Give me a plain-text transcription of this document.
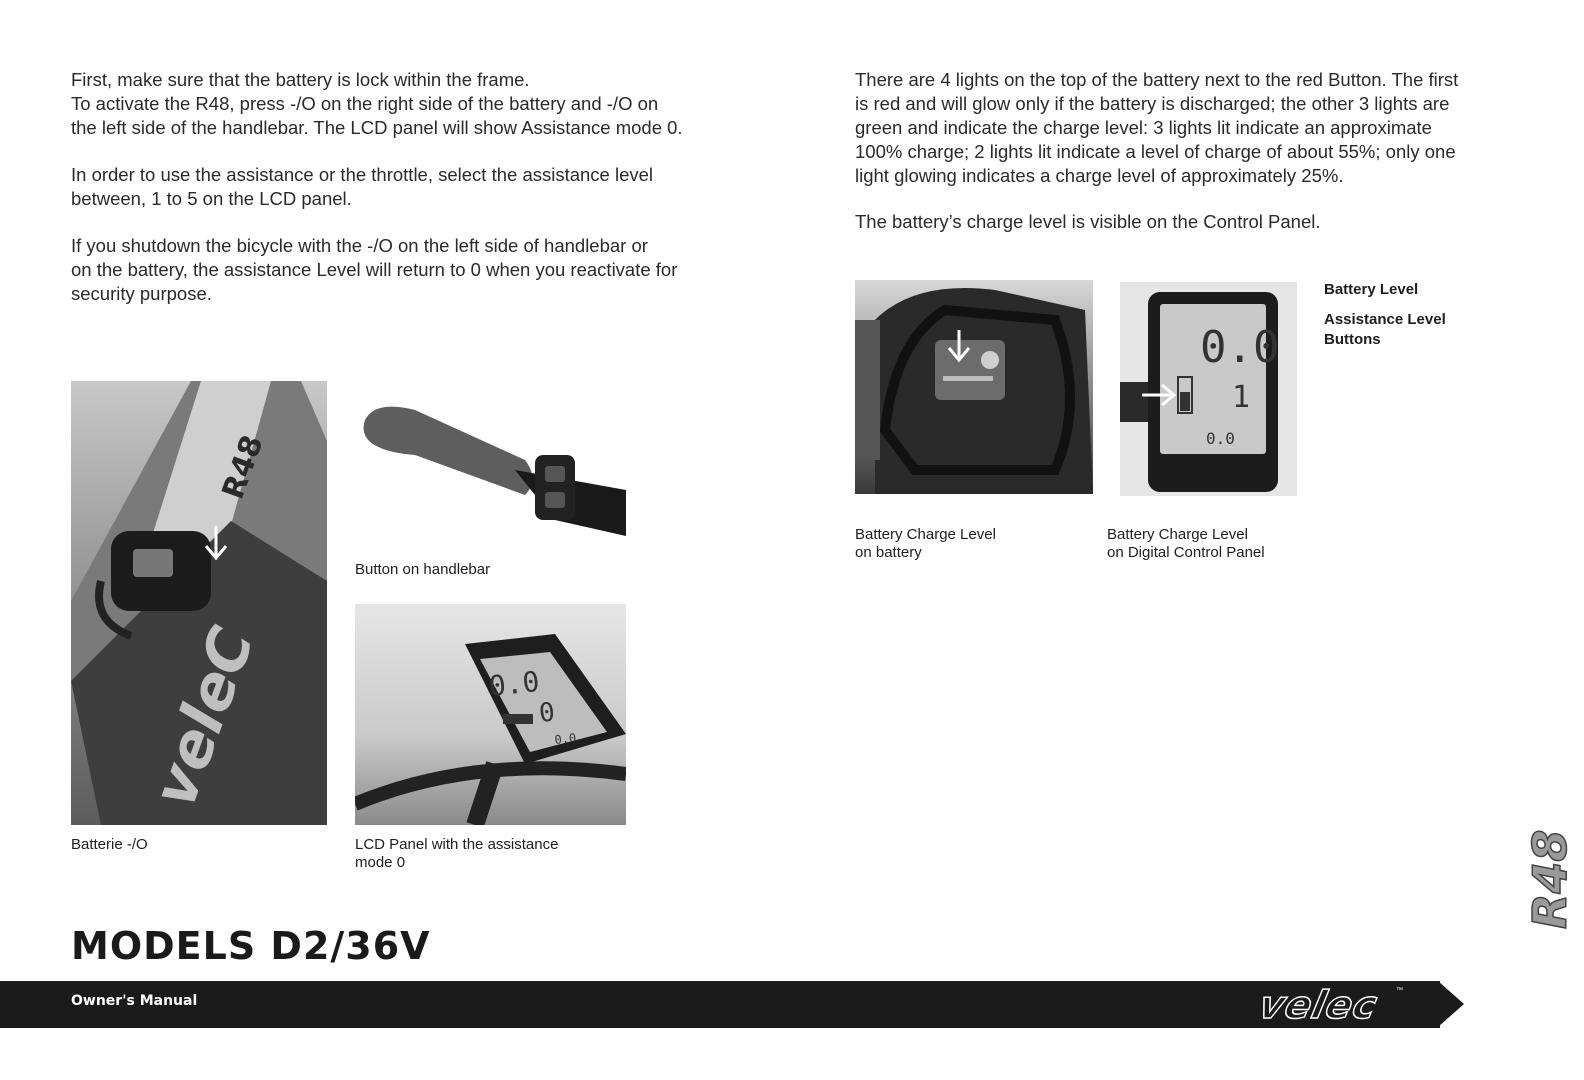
First, make sure that the battery is lock within the frame.
To activate the R48, press -/O on the right side of the battery and -/O on
the left side of the handlebar. The LCD panel will show Assistance mode 0.

In order to use the assistance or the throttle, select the assistance level
between, 1 to 5 on the LCD panel.

If you shutdown the bicycle with the -/O on the left side of handlebar or
on the battery, the assistance Level will return to 0 when you reactivate for
security purpose.

There are 4 lights on the top of the battery next to the red Button. The first
is red and will glow only if the battery is discharged; the other 3 lights are
green and indicate the charge level: 3 lights lit indicate an approximate
100% charge; 2 lights lit indicate a level of charge of about 55%; only one
light glowing indicates a charge level of approximately 25%.

The battery’s charge level is visible on the Control Panel.

R48
veleC

Batterie -/O

Button on handlebar

0.0
0
0.0

LCD Panel with the assistance
mode 0

Battery Charge Level
on battery

0.0
1
0.0

Battery Charge Level
on Digital Control Panel

Battery Level

Assistance Level
Buttons

MODELS D2/36V

Owner's Manual	velec ™
R48
